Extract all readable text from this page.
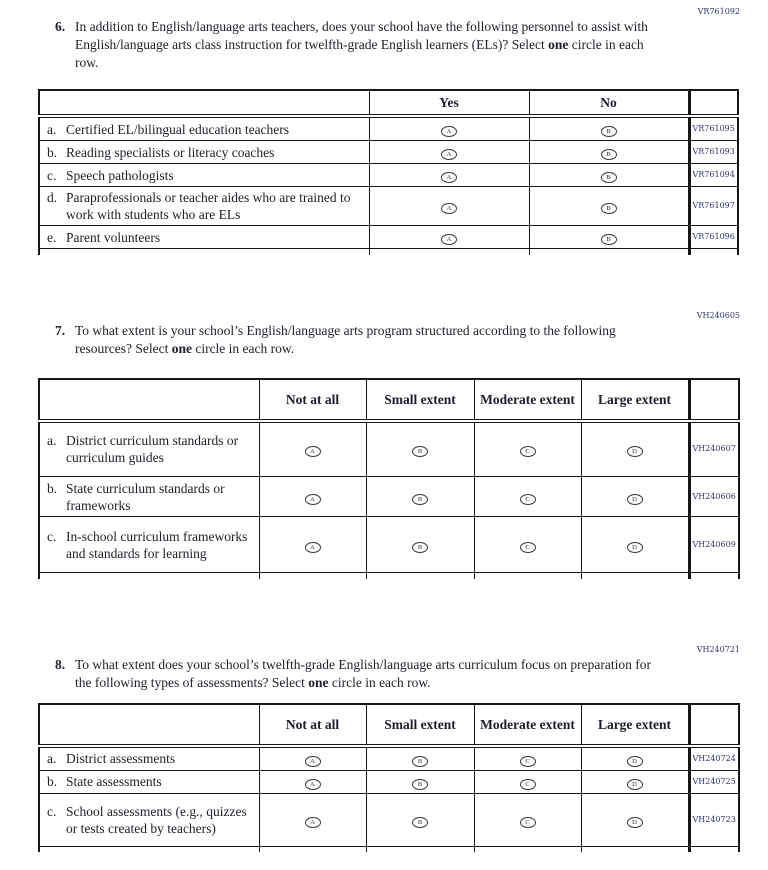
VR761092
6. In addition to English/language arts teachers, does your school have the following personnel to assist with English/language arts class instruction for twelfth-grade English learners (ELs)? Select one circle in each row.
	Yes	No	

a. Certified EL/bilingual education teachers	A	B	VR761095

b. Reading specialists or literacy coaches	A	B	VR761093

c. Speech pathologists	A	B	VR761094

d. Paraprofessionals or teacher aides who are trained to work with students who are ELs	A	B	VR761097

e. Parent volunteers	A	B	VR761096

VH240605
7. To what extent is your school’s English/language arts program structured according to the following resources? Select one circle in each row.
	Not at all	Small extent	Moderate extent	Large extent	

a. District curriculum standards or curriculum guides	A	B	C	D	VH240607

b. State curriculum standards or frameworks	A	B	C	D	VH240606

c. In-school curriculum frameworks and standards for learning	A	B	C	D	VH240609

VH240721
8. To what extent does your school’s twelfth-grade English/language arts curriculum focus on preparation for the following types of assessments? Select one circle in each row.
	Not at all	Small extent	Moderate extent	Large extent	

a. District assessments	A	B	C	D	VH240724

b. State assessments	A	B	C	D	VH240725

c. School assessments (e.g., quizzes or tests created by teachers)	A	B	C	D	VH240723
